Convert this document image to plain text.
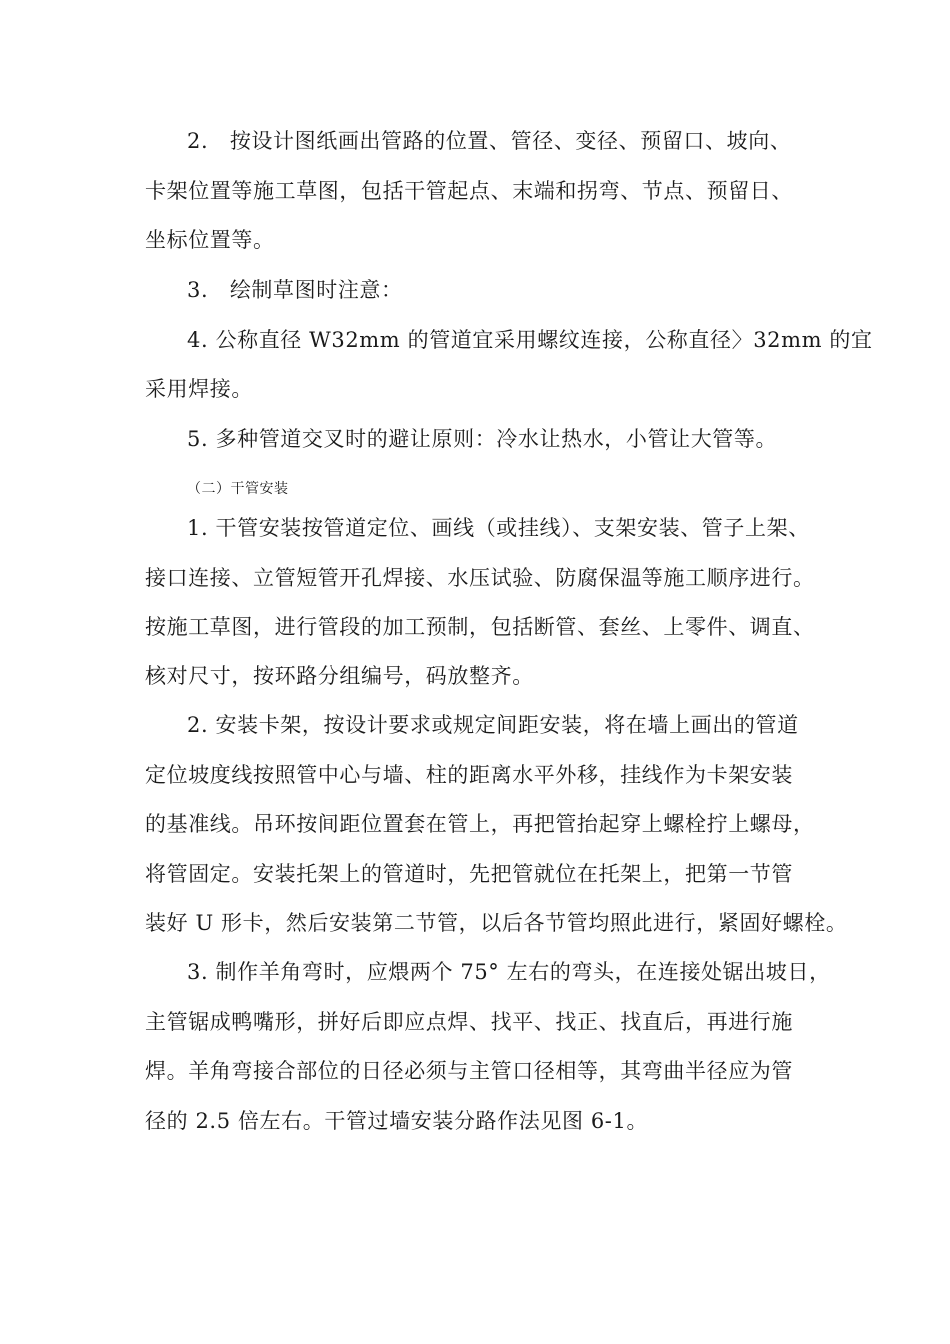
2.　按设计图纸画出管路的位置、管径、变径、预留口、坡向、
卡架位置等施工草图，包括干管起点、末端和拐弯、节点、预留日、
坐标位置等。
3.　绘制草图时注意：
4. 公称直径 W32mm 的管道宜采用螺纹连接，公称直径〉32mm 的宜
采用焊接。
5. 多种管道交叉时的避让原则：冷水让热水，小管让大管等。
（二）干管安装
1. 干管安装按管道定位、画线（或挂线）、支架安装、管子上架、
接口连接、立管短管开孔焊接、水压试验、防腐保温等施工顺序进行。
按施工草图，进行管段的加工预制，包括断管、套丝、上零件、调直、
核对尺寸，按环路分组编号，码放整齐。
2. 安装卡架，按设计要求或规定间距安装，将在墙上画出的管道
定位坡度线按照管中心与墙、柱的距离水平外移，挂线作为卡架安装
的基准线。吊环按间距位置套在管上，再把管抬起穿上螺栓拧上螺母，
将管固定。安装托架上的管道时，先把管就位在托架上，把第一节管
装好 U 形卡，然后安装第二节管，以后各节管均照此进行，紧固好螺栓。
3. 制作羊角弯时，应煨两个 75° 左右的弯头，在连接处锯出坡日，
主管锯成鸭嘴形，拼好后即应点焊、找平、找正、找直后，再进行施
焊。羊角弯接合部位的日径必须与主管口径相等，其弯曲半径应为管
径的 2.5 倍左右。干管过墙安装分路作法见图 6-1。
